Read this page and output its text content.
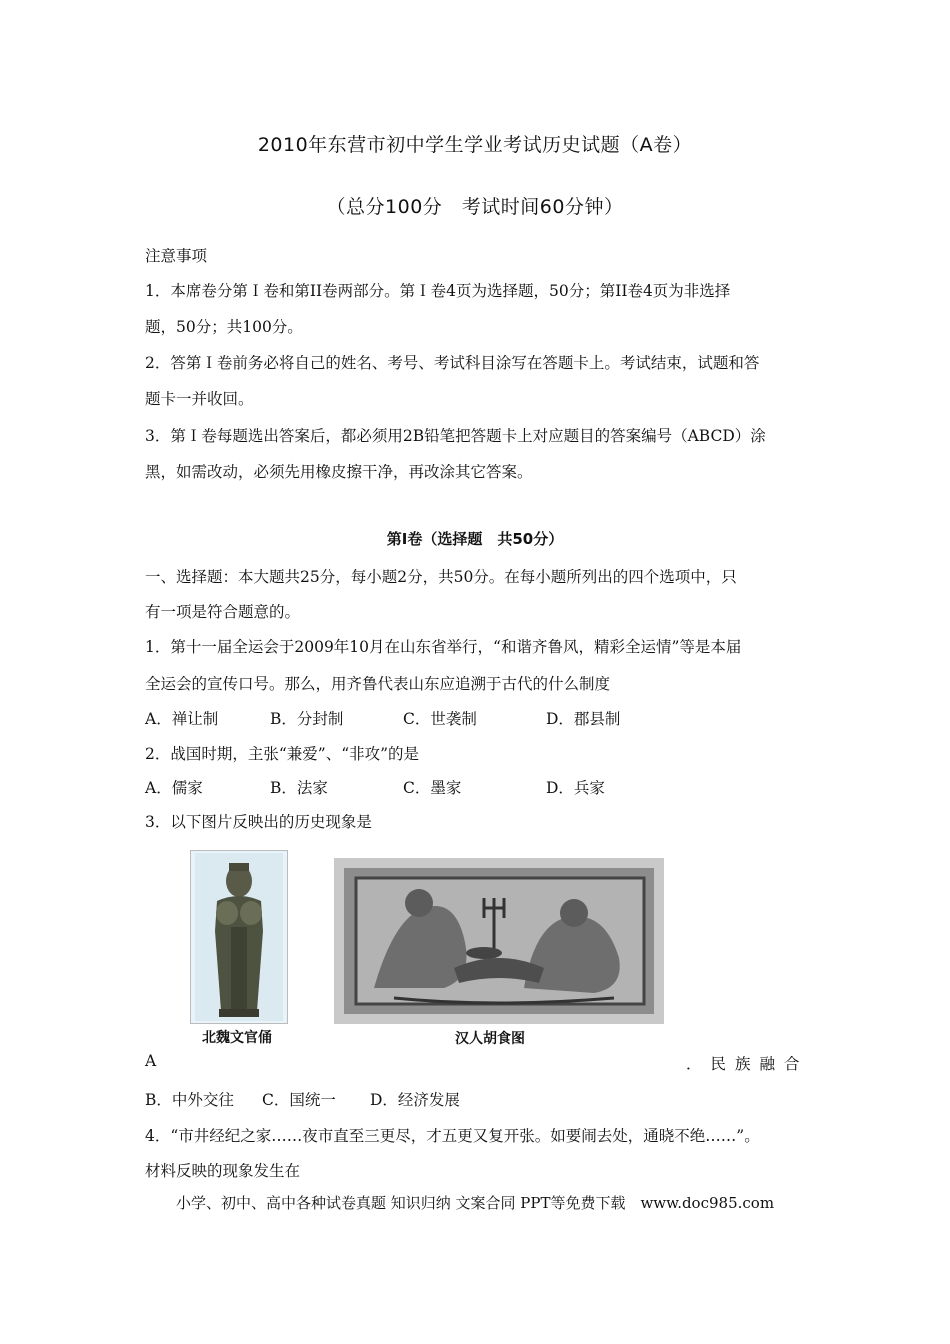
2010年东营市初中学生学业考试历史试题（A卷）
（总分100分　考试时间60分钟）
注意事项
1．本席卷分第Ｉ卷和第II卷两部分。第Ｉ卷4页为选择题，50分；第II卷4页为非选择
题，50分；共100分。
2．答第Ｉ卷前务必将自己的姓名、考号、考试科目涂写在答题卡上。考试结束，试题和答
题卡一并收回。
3．第Ｉ卷每题选出答案后，都必须用2B铅笔把答题卡上对应题目的答案编号（ABCD）涂
黑，如需改动，必须先用橡皮擦干净，再改涂其它答案。
第Ⅰ卷（选择题　共50分）
一、选择题：本大题共25分，每小题2分，共50分。在每小题所列出的四个选项中，只
有一项是符合题意的。
1．第十一届全运会于2009年10月在山东省举行，“和谐齐鲁风，精彩全运情”等是本届
全运会的宣传口号。那么，用齐鲁代表山东应追溯于古代的什么制度
A．禅让制	B．分封制	C．世袭制	D．郡县制
2．战国时期，主张“兼爱”、“非攻”的是
A．儒家	B．法家	C．墨家	D．兵家
3．以下图片反映出的历史现象是
北魏文官俑	汉人胡食图
A	．民族融合
B．中外交往 C．国统一 D．经济发展
4．“市井经纪之家……夜市直至三更尽，才五更又复开张。如要闹去处，通晓不绝……”。
材料反映的现象发生在
小学、初中、高中各种试卷真题 知识归纳 文案合同 PPT等免费下载　www.doc985.com
